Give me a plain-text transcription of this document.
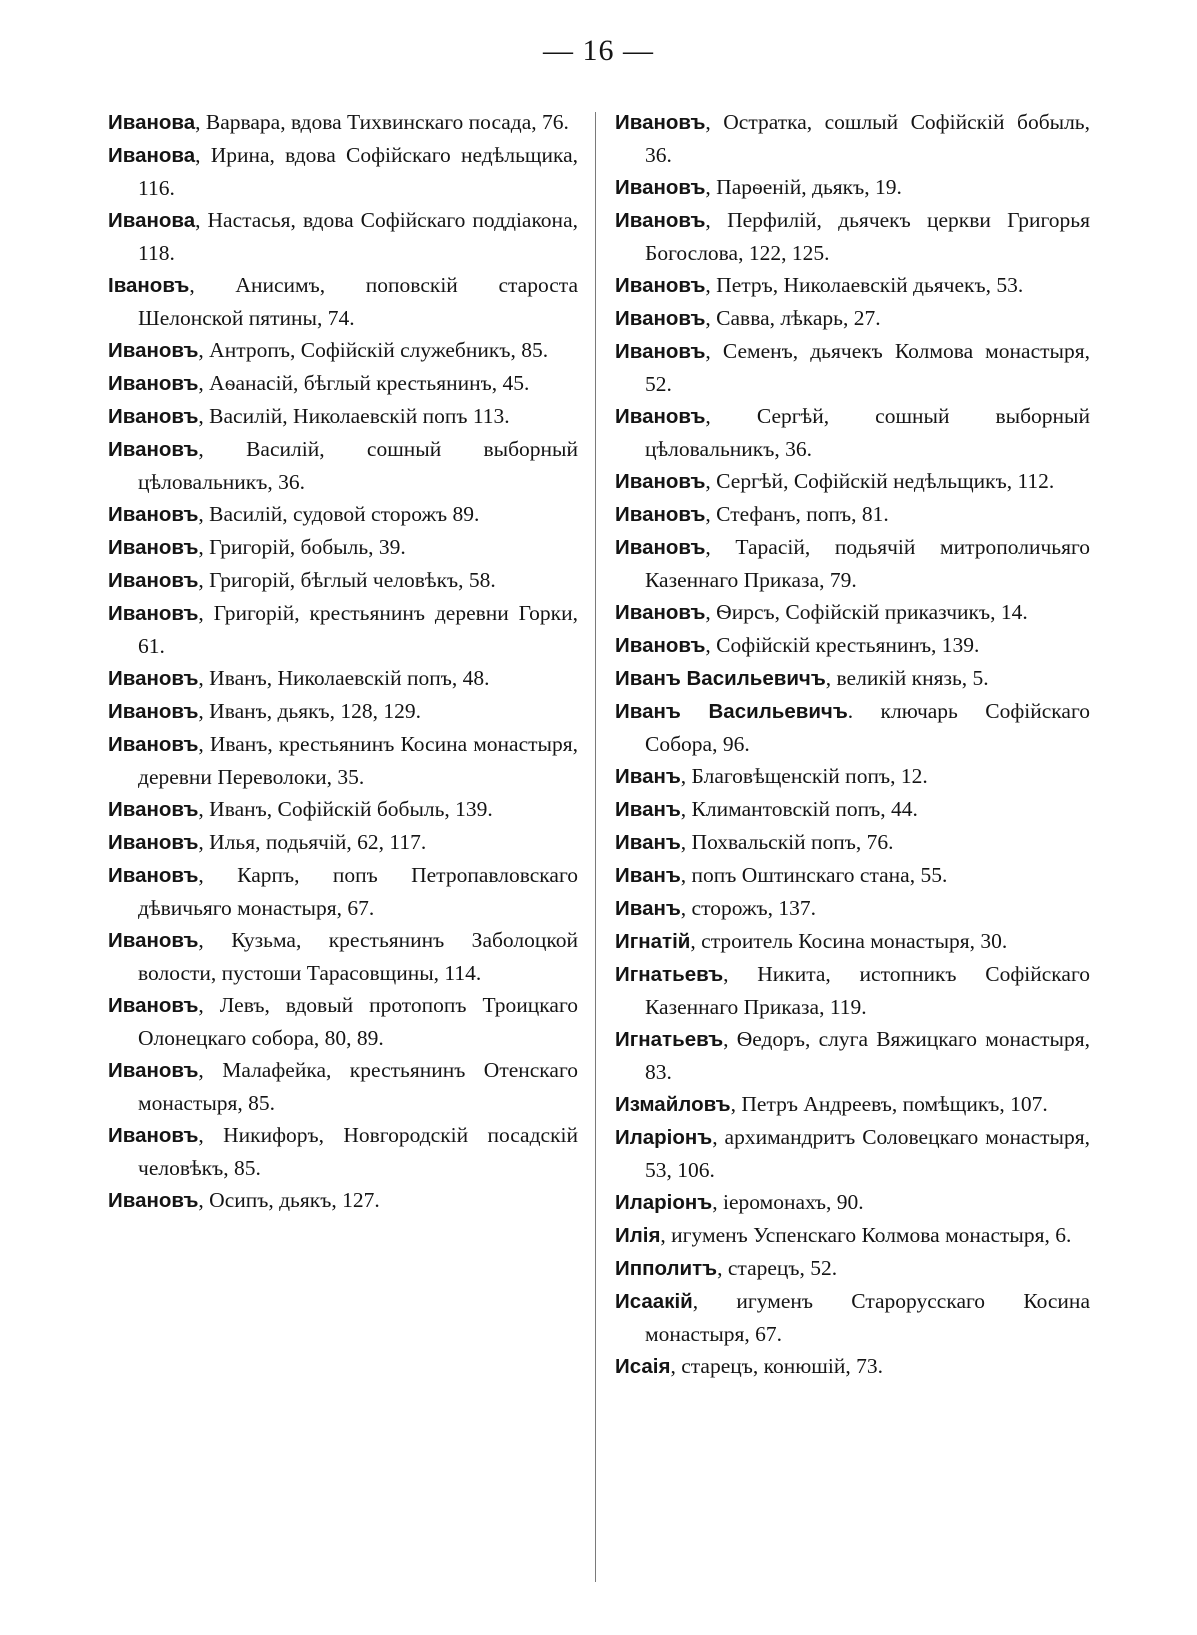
— 16 —

Иванова, Варвара, вдова Тихвинскаго посада, 76.

Иванова, Ирина, вдова Софійскаго недѣльщика, 116.

Иванова, Настасья, вдова Софійскаго поддіакона, 118.

Івановъ, Анисимъ, поповскій староста Шелонской пятины, 74.

Ивановъ, Антропъ, Софійскій служебникъ, 85.

Ивановъ, Аѳанасій, бѣглый крестьянинъ, 45.

Ивановъ, Василій, Николаевскій попъ 113.

Ивановъ, Василій, сошный выборный цѣловальникъ, 36.

Ивановъ, Василій, судовой сторожъ 89.

Ивановъ, Григорій, бобыль, 39.

Ивановъ, Григорій, бѣглый человѣкъ, 58.

Ивановъ, Григорій, крестьянинъ деревни Горки, 61.

Ивановъ, Иванъ, Николаевскій попъ, 48.

Ивановъ, Иванъ, дьякъ, 128, 129.

Ивановъ, Иванъ, крестьянинъ Косина монастыря, деревни Переволоки, 35.

Ивановъ, Иванъ, Софійскій бобыль, 139.

Ивановъ, Илья, подьячій, 62, 117.

Ивановъ, Карпъ, попъ Петропавловскаго дѣвичьяго монастыря, 67.

Ивановъ, Кузьма, крестьянинъ Заболоцкой волости, пустоши Тарасовщины, 114.

Ивановъ, Левъ, вдовый протопопъ Троицкаго Олонецкаго собора, 80, 89.

Ивановъ, Малафейка, крестьянинъ Отенскаго монастыря, 85.

Ивановъ, Никифоръ, Новгородскій посадскій человѣкъ, 85.

Ивановъ, Осипъ, дьякъ, 127.

Ивановъ, Остратка, сошлый Софійскій бобыль, 36.

Ивановъ, Парѳеній, дьякъ, 19.

Ивановъ, Перфилій, дьячекъ церкви Григорья Богослова, 122, 125.

Ивановъ, Петръ, Николаевскій дьячекъ, 53.

Ивановъ, Савва, лѣкарь, 27.

Ивановъ, Семенъ, дьячекъ Колмова монастыря, 52.

Ивановъ, Сергѣй, сошный выборный цѣловальникъ, 36.

Ивановъ, Сергѣй, Софійскій недѣльщикъ, 112.

Ивановъ, Стефанъ, попъ, 81.

Ивановъ, Тарасій, подьячій митрополичьяго Казеннаго Приказа, 79.

Ивановъ, Ѳирсъ, Софійскій приказчикъ, 14.

Ивановъ, Софійскій крестьянинъ, 139.

Иванъ Васильевичъ, великій князь, 5.

Иванъ Васильевичъ. ключарь Софійскаго Собора, 96.

Иванъ, Благовѣщенскій попъ, 12.

Иванъ, Климантовскій попъ, 44.

Иванъ, Похвальскій попъ, 76.

Иванъ, попъ Оштинскаго стана, 55.

Иванъ, сторожъ, 137.

Игнатій, строитель Косина монастыря, 30.

Игнатьевъ, Никита, истопникъ Софійскаго Казеннаго Приказа, 119.

Игнатьевъ, Ѳедоръ, слуга Вяжицкаго монастыря, 83.

Измайловъ, Петръ Андреевъ, помѣщикъ, 107.

Иларіонъ, архимандритъ Соловецкаго монастыря, 53, 106.

Иларіонъ, іеромонахъ, 90.

Илія, игуменъ Успенскаго Колмова монастыря, 6.

Ипполитъ, старецъ, 52.

Исаакій, игуменъ Старорусскаго Косина монастыря, 67.

Исаія, старецъ, конюшій, 73.
